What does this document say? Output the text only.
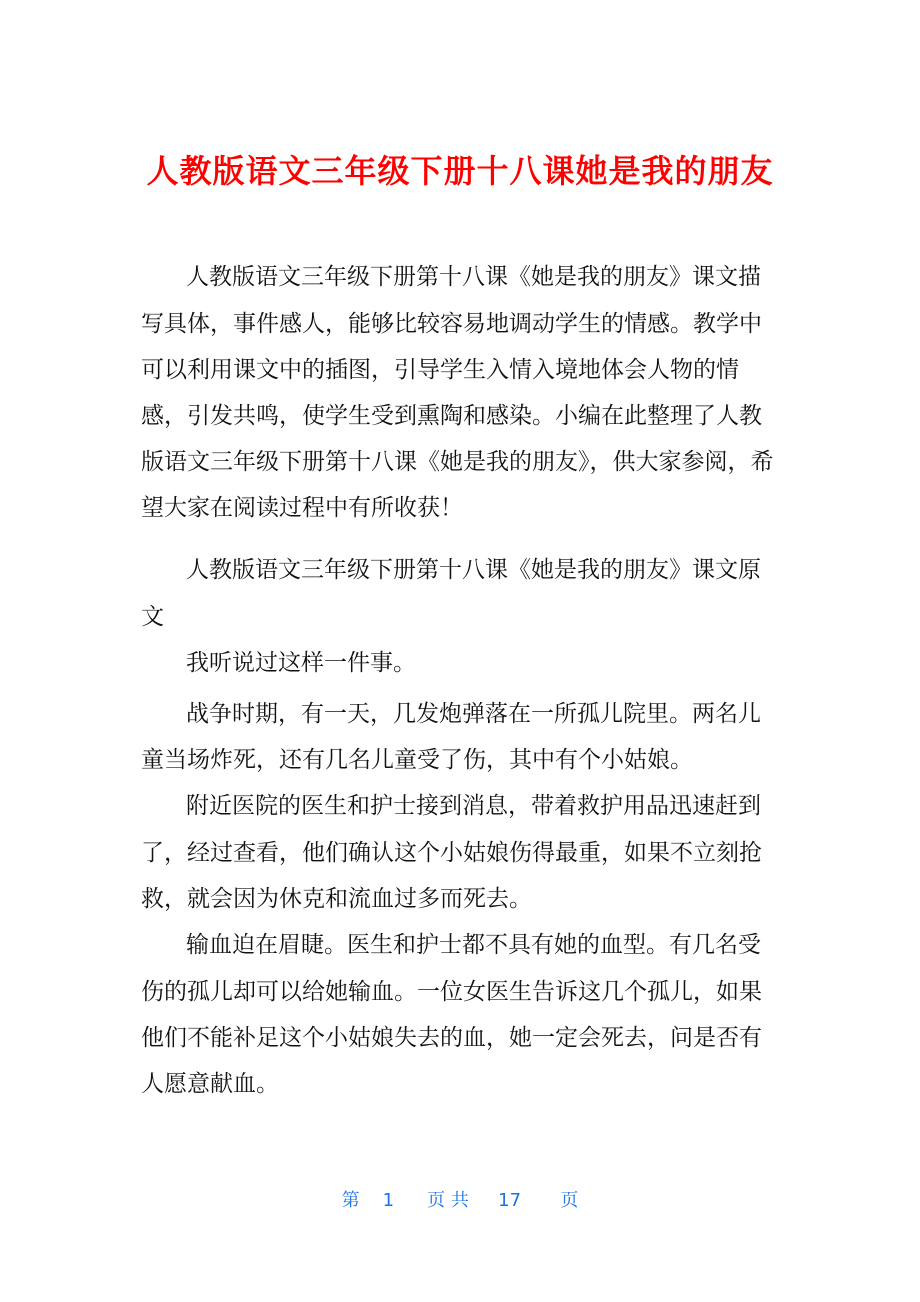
人教版语文三年级下册十八课她是我的朋友
人教版语文三年级下册第十八课《她是我的朋友》课文描
写具体，事件感人，能够比较容易地调动学生的情感。教学中
可以利用课文中的插图，引导学生入情入境地体会人物的情
感，引发共鸣，使学生受到熏陶和感染。小编在此整理了人教
版语文三年级下册第十八课《她是我的朋友》，供大家参阅，希
望大家在阅读过程中有所收获！
人教版语文三年级下册第十八课《她是我的朋友》课文原
文
我听说过这样一件事。
战争时期，有一天，几发炮弹落在一所孤儿院里。两名儿
童当场炸死，还有几名儿童受了伤，其中有个小姑娘。
附近医院的医生和护士接到消息，带着救护用品迅速赶到
了，经过查看，他们确认这个小姑娘伤得最重，如果不立刻抢
救，就会因为休克和流血过多而死去。
输血迫在眉睫。医生和护士都不具有她的血型。有几名受
伤的孤儿却可以给她输血。一位女医生告诉这几个孤儿，如果
他们不能补足这个小姑娘失去的血，她一定会死去，问是否有
人愿意献血。
第 1 页 共 17 页
